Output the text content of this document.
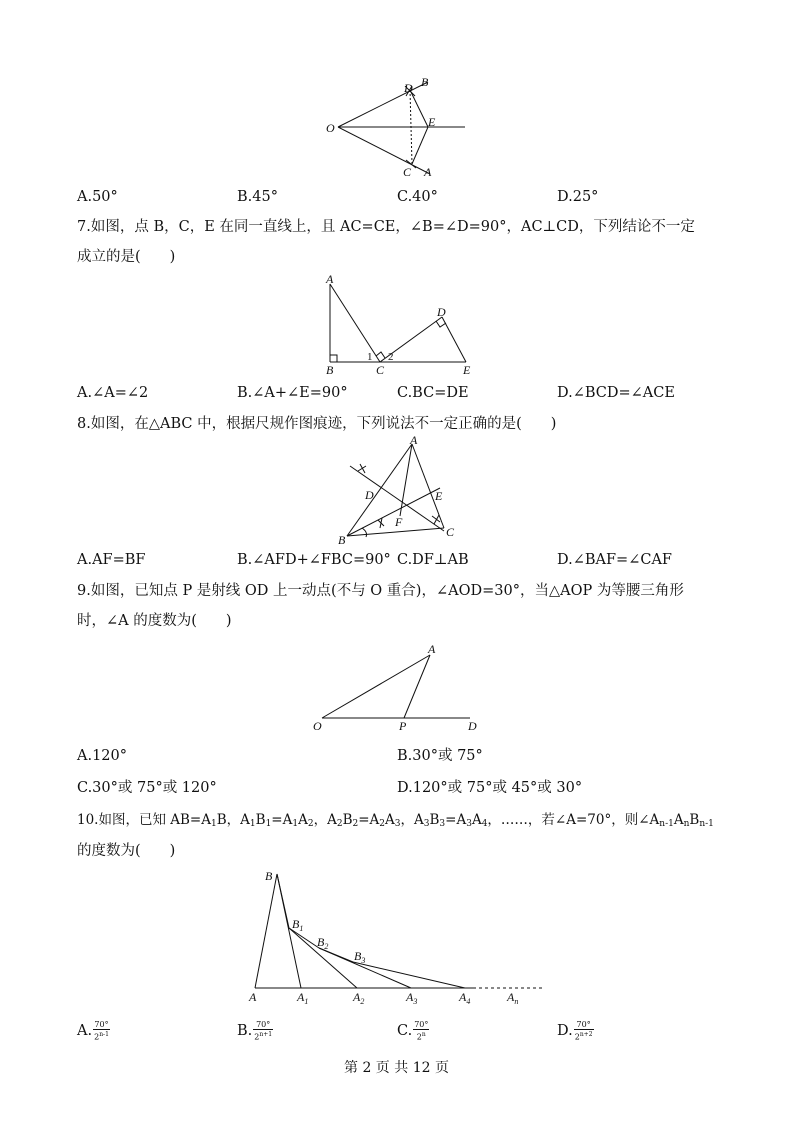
O
D B
E
C A
A.50°	B.45°	C.40°	D.25°
7.如图，点 B，C，E 在同一直线上，且 AC=CE，∠B=∠D=90°，AC⊥CD，下列结论不一定
成立的是(　　)
A
B	C	E
D
1 2
A.∠A=∠2	B.∠A+∠E=90°	C.BC=DE	D.∠BCD=∠ACE
8.如图，在△ABC 中，根据尺规作图痕迹，下列说法不一定正确的是(　　)
A
D	E
F
B
C
A.AF=BF	B.∠AFD+∠FBC=90° C.DF⊥AB	D.∠BAF=∠CAF
9.如图，已知点 P 是射线 OD 上一动点(不与 O 重合)，∠AOD=30°，当△AOP 为等腰三角形
时，∠A 的度数为(　　)
A
O	P	D
A.120°	B.30°或 75°
C.30°或 75°或 120°	D.120°或 75°或 45°或 30°
10.如图，已知 $AB=A_1B$，$A_1B_1=A_1A_2$，$A_2B_2=A_2A_3$，$A_3B_3=A_3A_4$，……，若∠A=70°，则$\angle A_{n-1}A_nB_{n-1}$
的度数为(　　)
B
$B_1$
$B_2$
$B_3$
A	$A_1$	$A_2$	$A_3$	$A_4$	$A_n$
A. $\frac{70^\circ}{2^{n-1}}$	B. $\frac{70^\circ}{2^{n+1}}$	C. $\frac{70^\circ}{2^n}$	D. $\frac{70^\circ}{2^{n+2}}$
第 2 页 共 12 页
